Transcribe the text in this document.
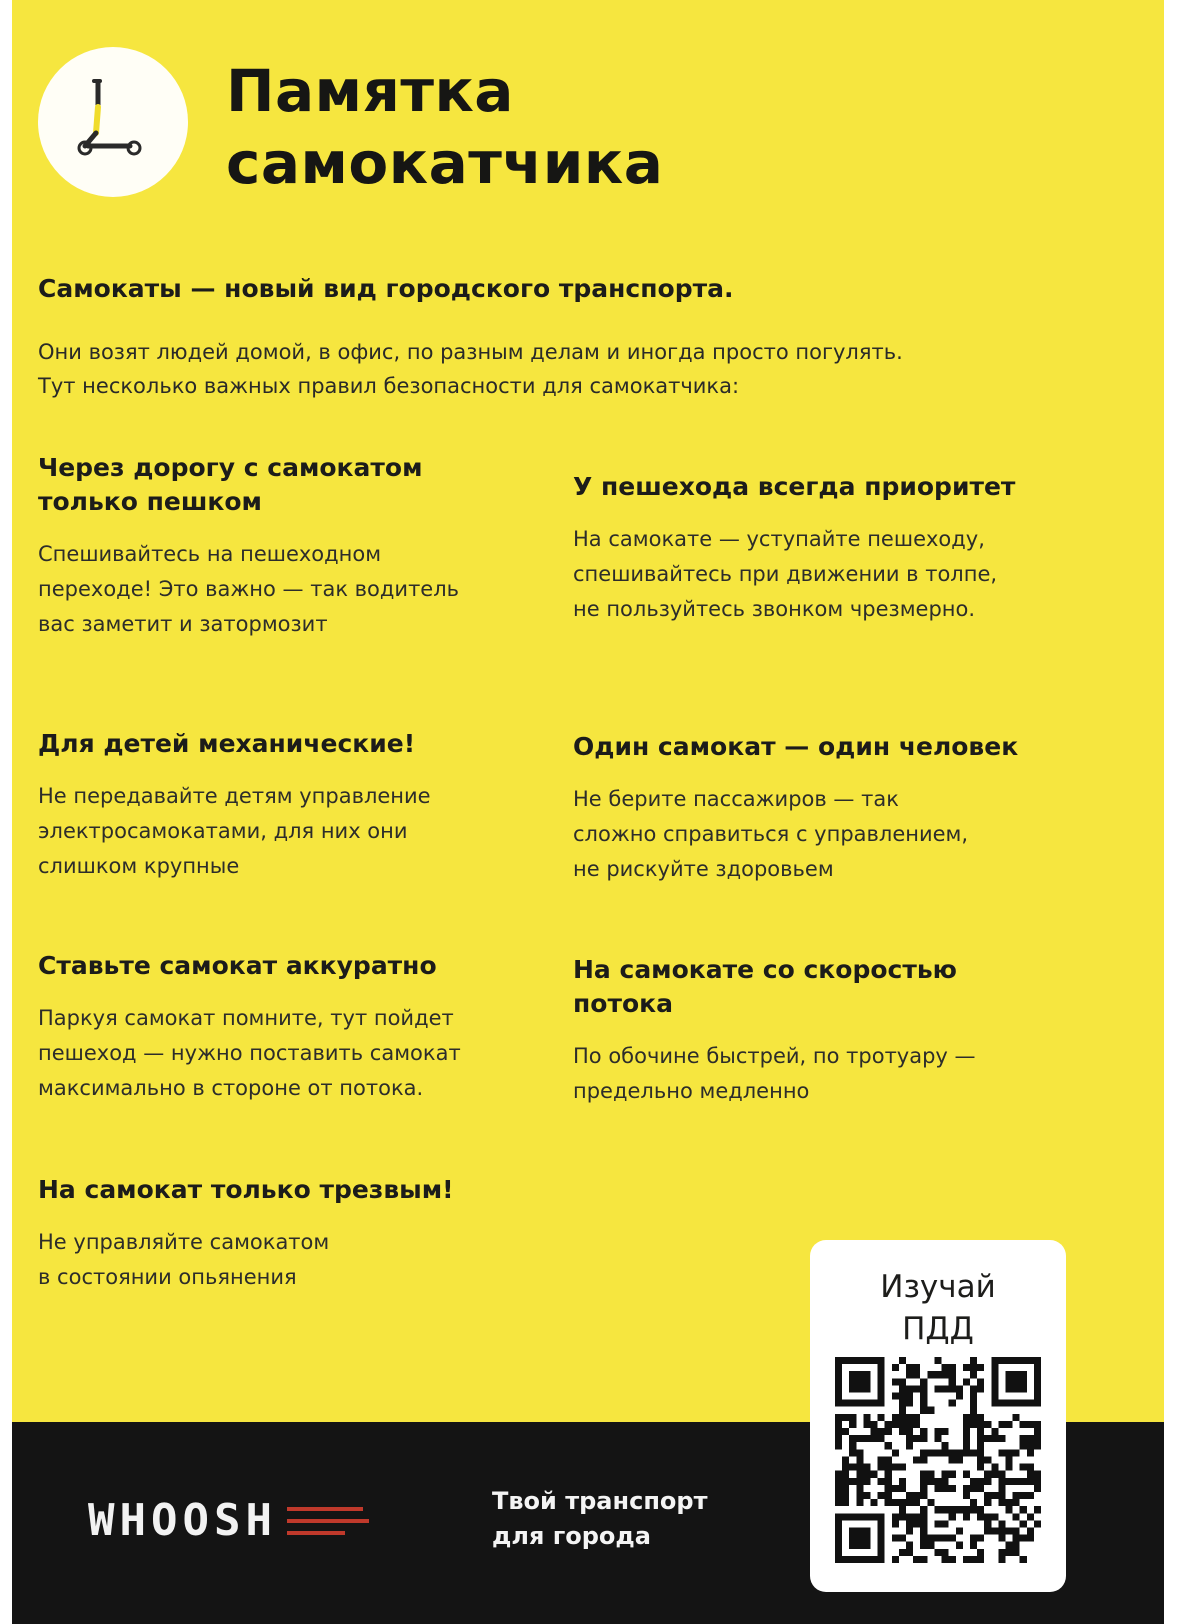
Памятка
самокатчика

Самокаты — новый вид городского транспорта.

Они возят людей домой, в офис, по разным делам и иногда просто погулять.
Тут несколько важных правил безопасности для самокатчика:

Через дорогу с самокатом
только пешком

Спешивайтесь на пешеходном
переходе! Это важно — так водитель
вас заметит и затормозит

У пешехода всегда приоритет

На самокате — уступайте пешеходу,
спешивайтесь при движении в толпе,
не пользуйтесь звонком чрезмерно.

Для детей механические!

Не передавайте детям управление
электросамокатами, для них они
слишком крупные

Один самокат — один человек

Не берите пассажиров — так
сложно справиться с управлением,
не рискуйте здоровьем

Ставьте самокат аккуратно

Паркуя самокат помните, тут пойдет
пешеход — нужно поставить самокат
максимально в стороне от потока.

На самокате со скоростью
потока

По обочине быстрей, по тротуару —
предельно медленно

На самокат только трезвым!

Не управляйте самокатом
в состоянии опьянения

WHOOSH	Твой транспорт
для города

Изучай
ПДД
